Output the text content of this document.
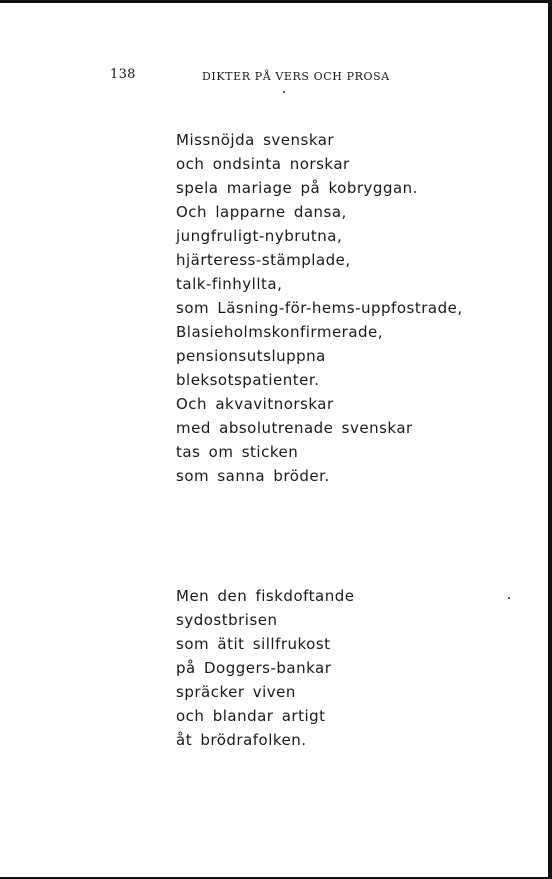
138	DIKTER PÅ VERS OCH PROSA
Missnöjda svenskar
och ondsinta norskar
spela mariage på kobryggan.
Och lapparne dansa,
jungfruligt-nybrutna,
hjärteress-stämplade,
talk-finhyllta,
som Läsning-för-hems-uppfostrade,
Blasieholmskonfirmerade,
pensionsutsluppna
bleksotspatienter.
Och akvavitnorskar
med absolutrenade svenskar
tas om sticken
som sanna bröder.
Men den fiskdoftande
sydostbrisen
som ätit sillfrukost
på Doggers-bankar
spräcker viven
och blandar artigt
åt brödrafolken.
